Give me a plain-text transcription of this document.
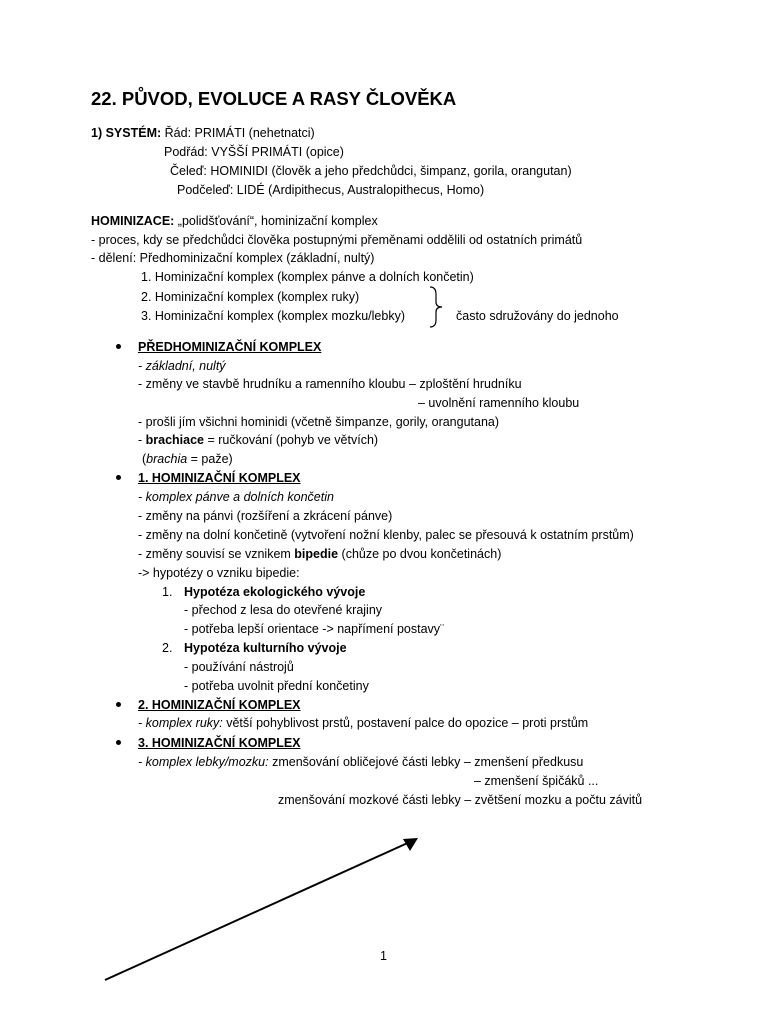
22. PŮVOD, EVOLUCE A RASY ČLOVĚKA
1) SYSTÉM: Řád: PRIMÁTI (nehetnatci)
Podřád: VYŠŠÍ PRIMÁTI (opice)
Čeleď: HOMINIDI (člověk a jeho předchůdci, šimpanz, gorila, orangutan)
Podčeleď: LIDÉ (Ardipithecus, Australopithecus, Homo)
HOMINIZACE: „polidšťování“, hominizační komplex
- proces, kdy se předchůdci člověka postupnými přeměnami oddělili od ostatních primátů
- dělení: Předhominizační komplex (základní, nultý)
1. Hominizační komplex (komplex pánve a dolních končetin)
2. Hominizační komplex (komplex ruky)
3. Hominizační komplex (komplex mozku/lebky)	často sdružovány do jednoho
PŘEDHOMINIZAČNÍ KOMPLEX
- základní, nultý
- změny ve stavbě hrudníku a ramenního kloubu – zploštění hrudníku
– uvolnění ramenního kloubu
- prošli jím všichni hominidi (včetně šimpanze, gorily, orangutana)
- brachiace = ručkování (pohyb ve větvích)
(brachia = paže)
1. HOMINIZAČNÍ KOMPLEX
- komplex pánve a dolních končetin
- změny na pánvi (rozšíření a zkrácení pánve)
- změny na dolní končetině (vytvoření nožní klenby, palec se přesouvá k ostatním prstům)
- změny souvisí se vznikem bipedie (chůze po dvou končetinách)
-> hypotézy o vzniku bipedie:
1. Hypotéza ekologického vývoje
- přechod z lesa do otevřené krajiny
- potřeba lepší orientace -> napřímení postavy¨
2. Hypotéza kulturního vývoje
- používání nástrojů
- potřeba uvolnit přední končetiny
2. HOMINIZAČNÍ KOMPLEX
- komplex ruky: větší pohyblivost prstů, postavení palce do opozice – proti prstům
3. HOMINIZAČNÍ KOMPLEX
- komplex lebky/mozku: zmenšování obličejové části lebky – zmenšení předkusu
– zmenšení špičáků ...
zmenšování mozkové části lebky – zvětšení mozku a počtu závitů
1
